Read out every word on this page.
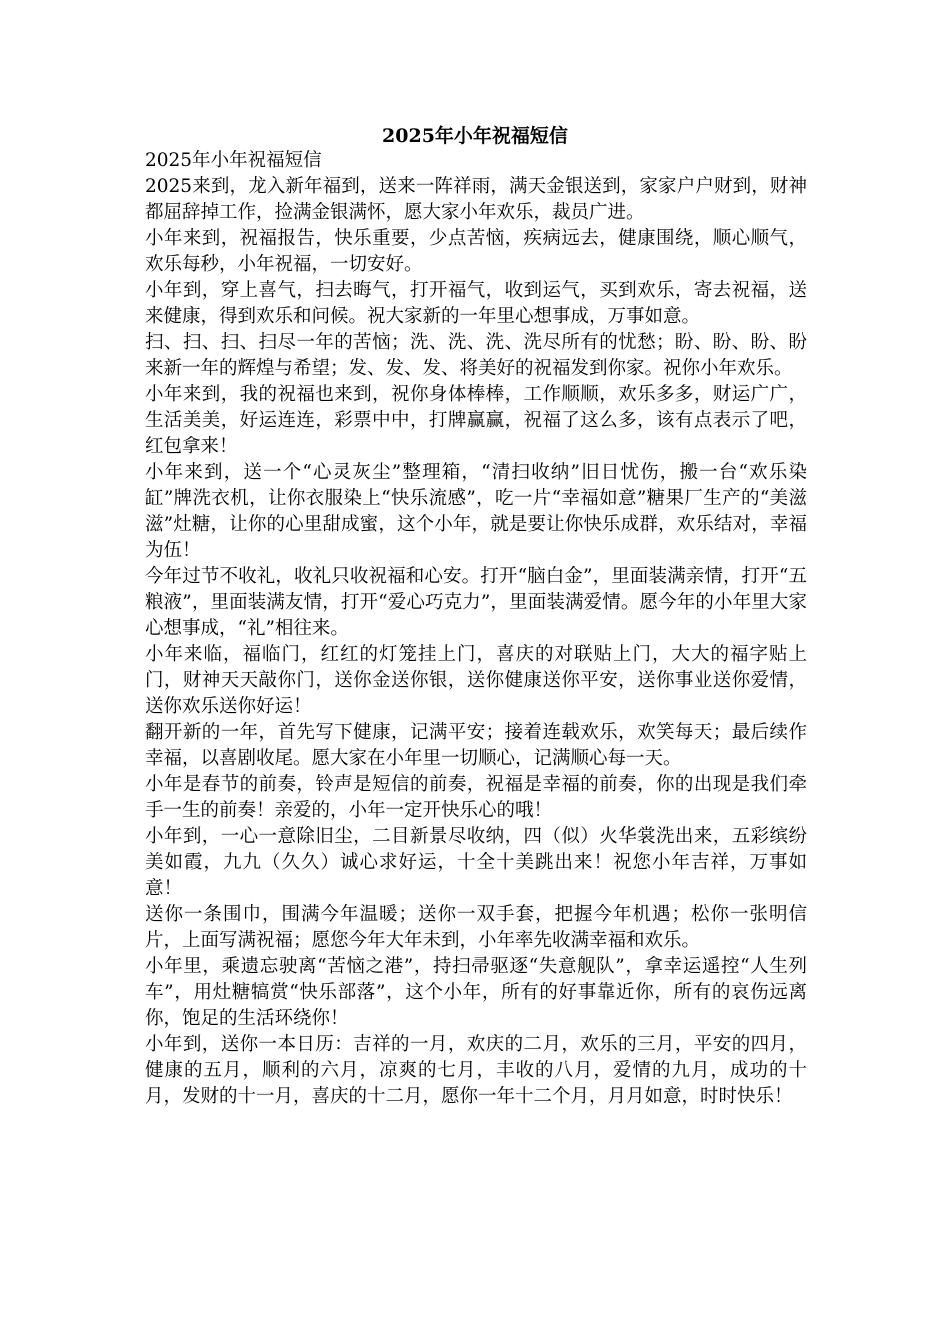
2025年小年祝福短信

2025年小年祝福短信

2025来到，龙入新年福到，送来一阵祥雨，满天金银送到，家家户户财到，财神都屈辞掉工作，捡满金银满怀，愿大家小年欢乐，裁员广进。

小年来到，祝福报告，快乐重要，少点苦恼，疾病远去，健康围绕，顺心顺气，欢乐每秒，小年祝福，一切安好。

小年到，穿上喜气，扫去晦气，打开福气，收到运气，买到欢乐，寄去祝福，送来健康，得到欢乐和问候。祝大家新的一年里心想事成，万事如意。

扫、扫、扫、扫尽一年的苦恼；洗、洗、洗、洗尽所有的忧愁；盼、盼、盼、盼来新一年的辉煌与希望；发、发、发、将美好的祝福发到你家。祝你小年欢乐。

小年来到，我的祝福也来到，祝你身体棒棒，工作顺顺，欢乐多多，财运广广，生活美美，好运连连，彩票中中，打牌赢赢，祝福了这么多，该有点表示了吧，红包拿来！

小年来到，送一个“心灵灰尘”整理箱，“清扫收纳”旧日忧伤，搬一台“欢乐染缸”牌洗衣机，让你衣服染上“快乐流感”，吃一片“幸福如意”糖果厂生产的“美滋滋”灶糖，让你的心里甜成蜜，这个小年，就是要让你快乐成群，欢乐结对，幸福为伍！

今年过节不收礼，收礼只收祝福和心安。打开“脑白金”，里面装满亲情，打开“五粮液”，里面装满友情，打开“爱心巧克力”，里面装满爱情。愿今年的小年里大家心想事成，“礼”相往来。

小年来临，福临门，红红的灯笼挂上门，喜庆的对联贴上门，大大的福字贴上门，财神天天敲你门，送你金送你银，送你健康送你平安，送你事业送你爱情，送你欢乐送你好运！

翻开新的一年，首先写下健康，记满平安；接着连载欢乐，欢笑每天；最后续作幸福，以喜剧收尾。愿大家在小年里一切顺心，记满顺心每一天。

小年是春节的前奏，铃声是短信的前奏，祝福是幸福的前奏，你的出现是我们牵手一生的前奏！亲爱的，小年一定开快乐心的哦！

小年到，一心一意除旧尘，二目新景尽收纳，四（似）火华裳洗出来，五彩缤纷美如霞，九九（久久）诚心求好运，十全十美跳出来！祝您小年吉祥，万事如意！

送你一条围巾，围满今年温暖；送你一双手套，把握今年机遇；松你一张明信片，上面写满祝福；愿您今年大年未到，小年率先收满幸福和欢乐。

小年里，乘遗忘驶离“苦恼之港”，持扫帚驱逐“失意舰队”，拿幸运遥控“人生列车”，用灶糖犒赏“快乐部落”，这个小年，所有的好事靠近你，所有的哀伤远离你，饱足的生活环绕你！

小年到，送你一本日历：吉祥的一月，欢庆的二月，欢乐的三月，平安的四月，健康的五月，顺利的六月，凉爽的七月，丰收的八月，爱情的九月，成功的十月，发财的十一月，喜庆的十二月，愿你一年十二个月，月月如意，时时快乐！
